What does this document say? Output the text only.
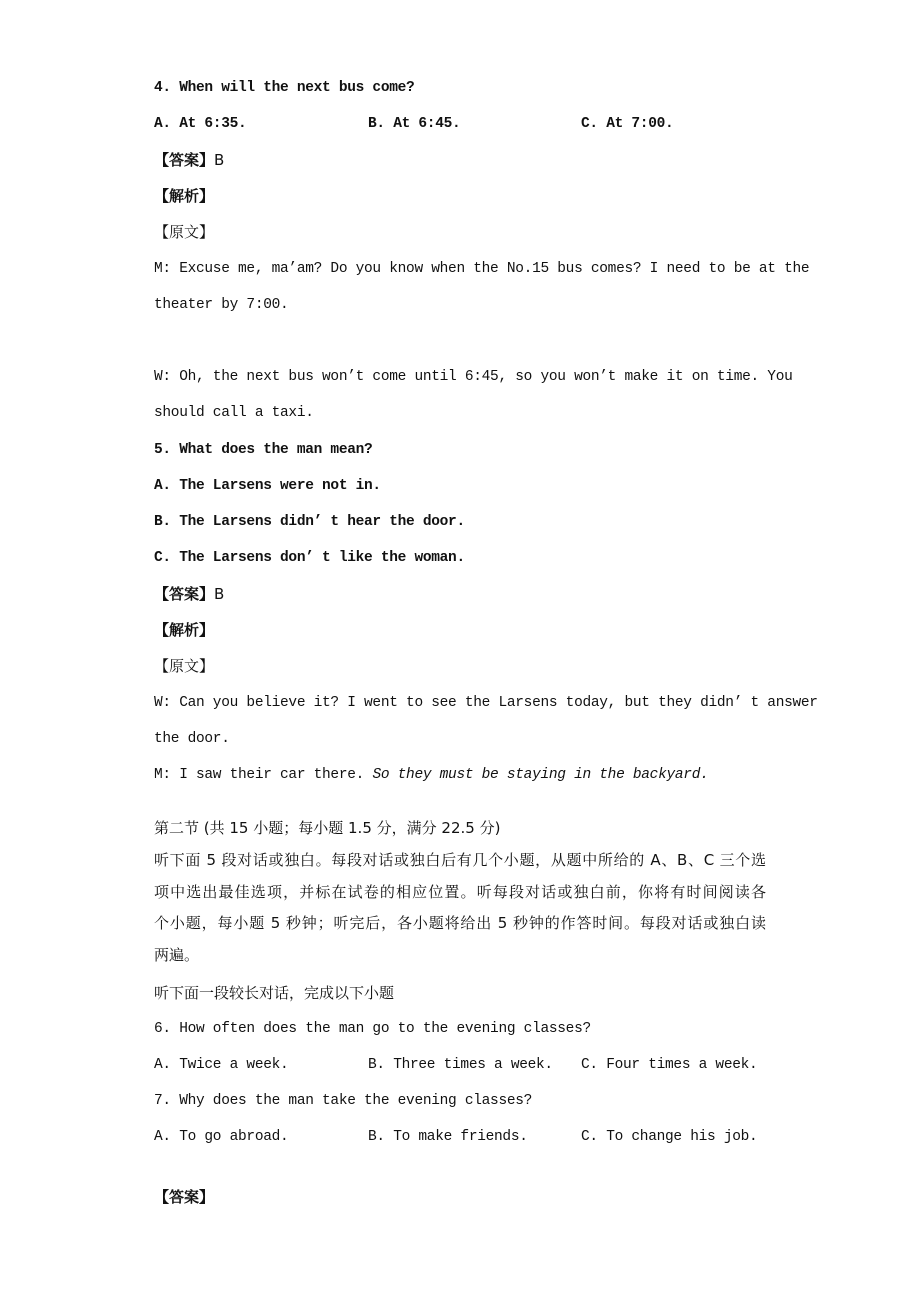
4. When will the next bus come?
A. At 6:35.	B. At 6:45.	C. At 7:00.
【答案】B
【解析】
【原文】
M: Excuse me, ma’am? Do you know when the No.15 bus comes? I need to be at the
theater by 7:00.
W: Oh, the next bus won’t come until 6:45, so you won’t make it on time. You
should call a taxi.
5. What does the man mean?
A. The Larsens were not in.
B. The Larsens didn’ t hear the door.
C. The Larsens don’ t like the woman.
【答案】B
【解析】
【原文】
W: Can you believe it? I went to see the Larsens today, but they didn’ t answer
the door.
M: I saw their car there. So they must be staying in the backyard.
第二节 (共 15 小题；每小题 1.5 分，满分 22.5 分)
听下面 5 段对话或独白。每段对话或独白后有几个小题，从题中所给的 A、B、C 三个选
项中选出最佳选项，并标在试卷的相应位置。听每段对话或独白前，你将有时间阅读各
个小题，每小题 5 秒钟；听完后，各小题将给出 5 秒钟的作答时间。每段对话或独白读
两遍。
听下面一段较长对话，完成以下小题
6. How often does the man go to the evening classes?
A. Twice a week.	B. Three times a week. C. Four times a week.
7. Why does the man take the evening classes?
A. To go abroad.	B. To make friends.	C. To change his job.
【答案】
